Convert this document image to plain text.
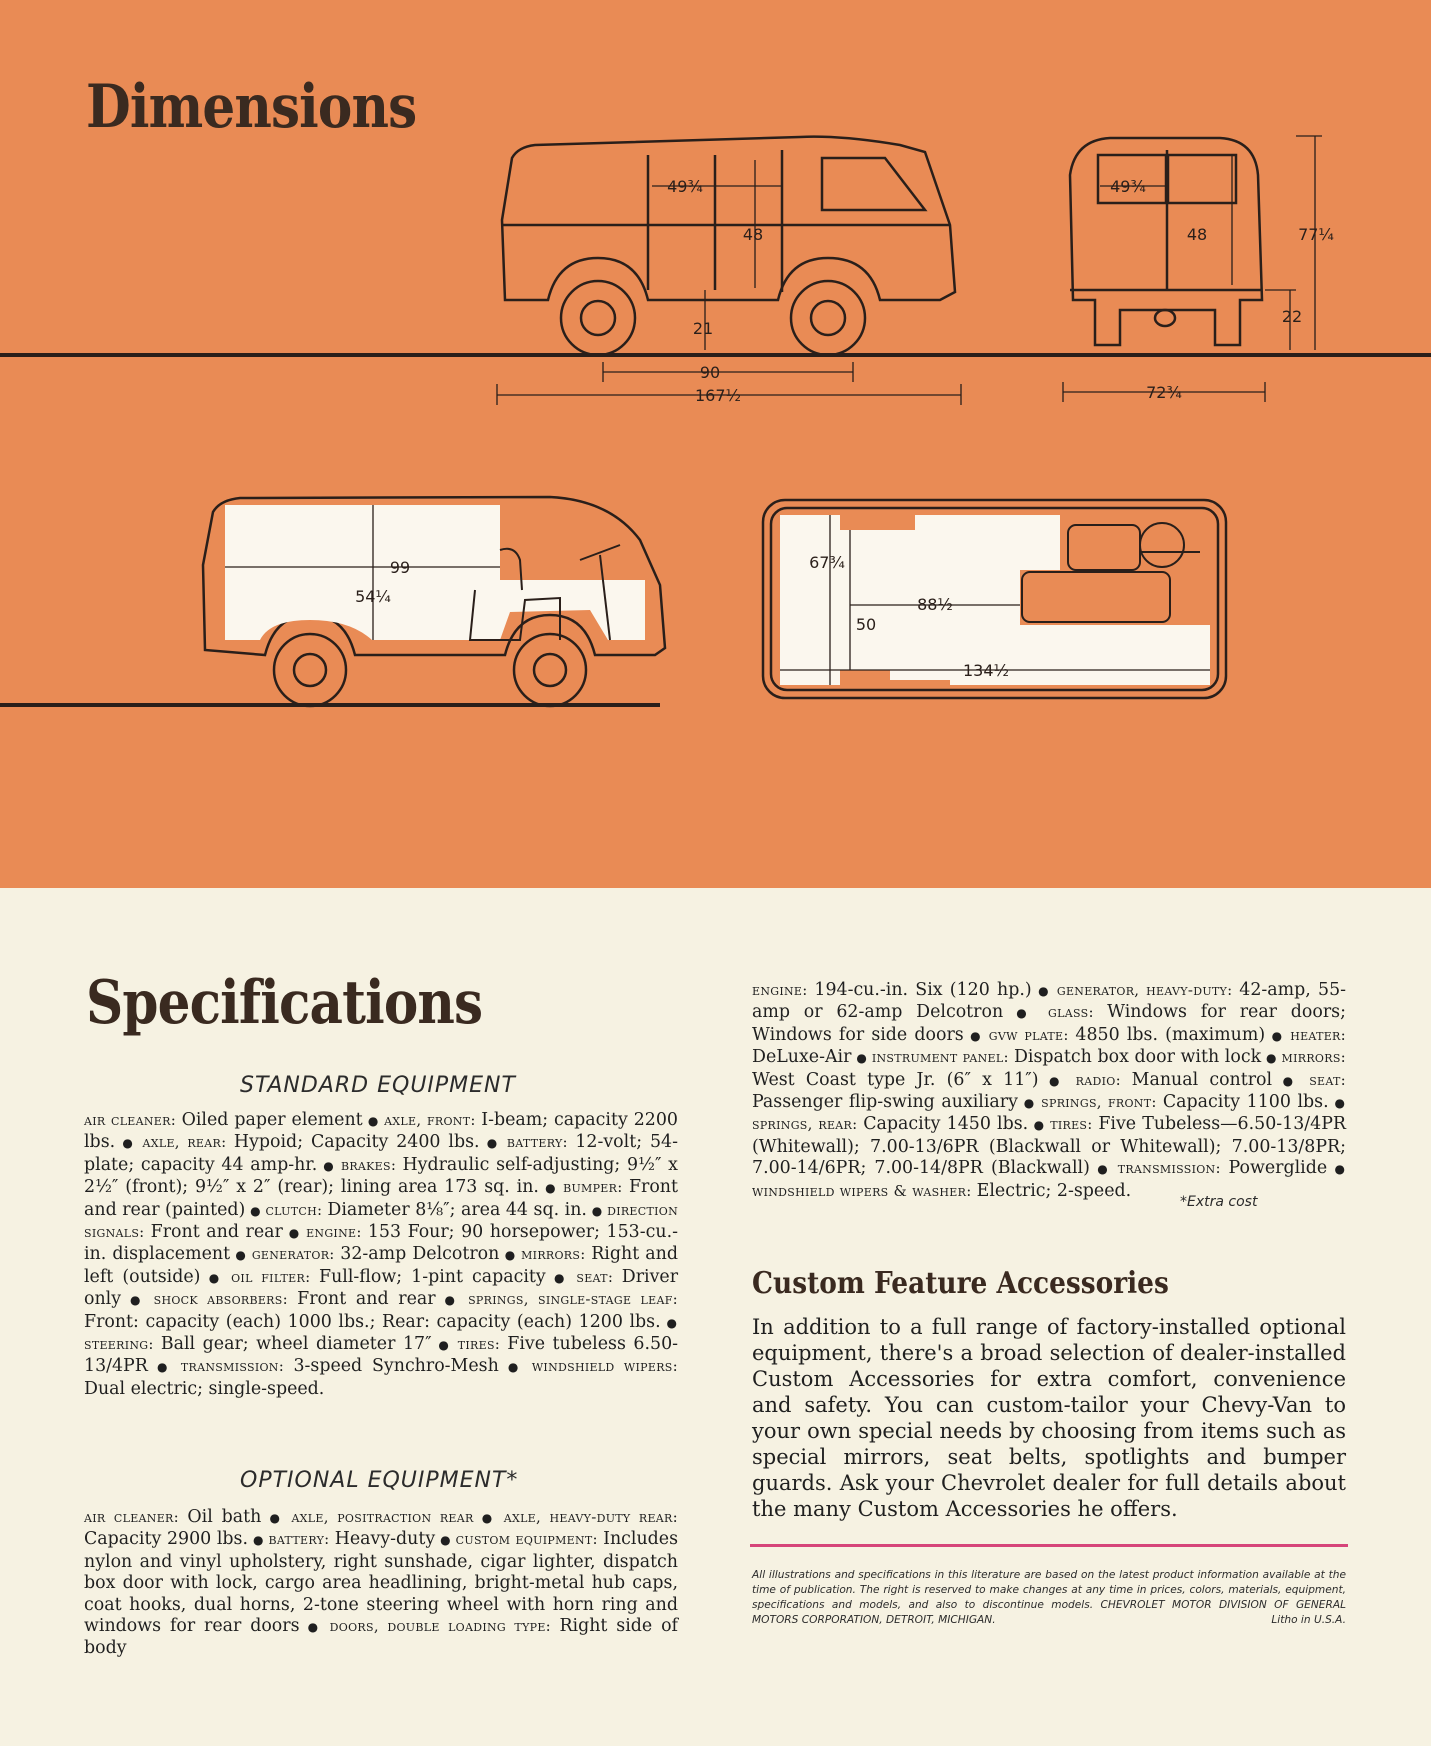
Dimensions
49¾
48
21
90
167½
49¾
48	77¼
22
72¾
99
54¼
67¾
50
88½
134½
Specifications
STANDARD EQUIPMENT
air cleaner: Oiled paper element ● axle, front: I-beam; capacity 2200 lbs. ● axle, rear: Hypoid; Capacity 2400 lbs. ● battery: 12-volt; 54-plate; capacity 44 amp-hr. ● brakes: Hydraulic self-adjusting; 9½″ x 2½″ (front); 9½″ x 2″ (rear); lining area 173 sq. in. ● bumper: Front and rear (painted) ● clutch: Diameter 8⅛″; area 44 sq. in. ● direction signals: Front and rear ● engine: 153 Four; 90 horsepower; 153-cu.-in. displacement ● generator: 32-amp Delcotron ● mirrors: Right and left (outside) ● oil filter: Full-flow; 1-pint capacity ● seat: Driver only ● shock absorbers: Front and rear ● springs, single-stage leaf: Front: capacity (each) 1000 lbs.; Rear: capacity (each) 1200 lbs. ● steering: Ball gear; wheel diameter 17″ ● tires: Five tubeless 6.50-13/4PR ● transmission: 3-speed Synchro-Mesh ● windshield wipers: Dual electric; single-speed.
OPTIONAL EQUIPMENT*
air cleaner: Oil bath ● axle, positraction rear ● axle, heavy-duty rear: Capacity 2900 lbs. ● battery: Heavy-duty ● custom equipment: Includes nylon and vinyl upholstery, right sunshade, cigar lighter, dispatch box door with lock, cargo area headlining, bright-metal hub caps, coat hooks, dual horns, 2-tone steering wheel with horn ring and windows for rear doors ● doors, double loading type: Right side of body
engine: 194-cu.-in. Six (120 hp.) ● generator, heavy-duty: 42-amp, 55-amp or 62-amp Delcotron ● glass: Windows for rear doors; Windows for side doors ● gvw plate: 4850 lbs. (maximum) ● heater: DeLuxe-Air ● instrument panel: Dispatch box door with lock ● mirrors: West Coast type Jr. (6″ x 11″) ● radio: Manual control ● seat: Passenger flip-swing auxiliary ● springs, front: Capacity 1100 lbs. ● springs, rear: Capacity 1450 lbs. ● tires: Five Tubeless—6.50-13/4PR (Whitewall); 7.00-13/6PR (Blackwall or Whitewall); 7.00-13/8PR; 7.00-14/6PR; 7.00-14/8PR (Blackwall) ● transmission: Powerglide ● windshield wipers & washer: Electric; 2-speed.
*Extra cost
Custom Feature Accessories
In addition to a full range of factory-installed optional equipment, there's a broad selection of dealer-installed Custom Accessories for extra comfort, convenience and safety. You can custom-tailor your Chevy-Van to your own special needs by choosing from items such as special mirrors, seat belts, spotlights and bumper guards. Ask your Chevrolet dealer for full details about the many Custom Accessories he offers.
All illustrations and specifications in this literature are based on the latest product information available at the time of publication. The right is reserved to make changes at any time in prices, colors, materials, equipment, specifications and models, and also to discontinue models. CHEVROLET MOTOR DIVISION OF GENERAL MOTORS CORPORATION, DETROIT, MICHIGAN.	Litho in U.S.A.
